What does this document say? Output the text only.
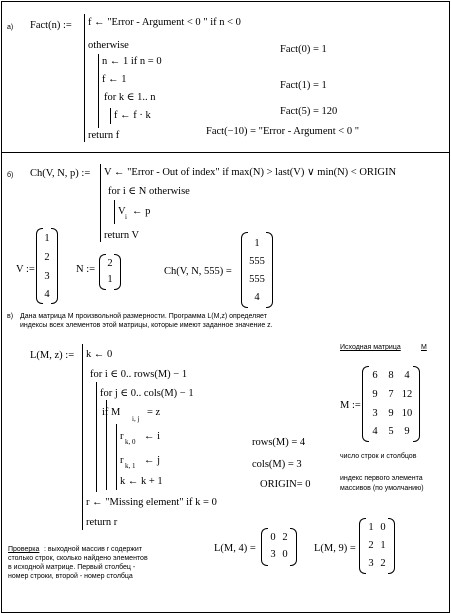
а) Fact(n) := f ← "Error - Argument < 0 " if n < 0
otherwise
n ← 1 if n = 0
f ← 1
for k ∈ 1.. n
f ← f · k
return f
Fact(0) = 1
Fact(1) = 1
Fact(5) = 120
Fact(−10) = "Error - Argument < 0 "
б) Ch(V, N, p) := V ← "Error - Out of index" if max(N) > last(V) ∨ min(N) < ORIGIN
for i ∈ N otherwise
V i ← p
return V
V :=
1
2
3
4
N :=
2
1
Ch(V, N, 555) =
1
555
555
4
в) Дана матрица M произвольной размерности. Программа L(M,z) определяет
индексы всех элементов этой матрицы, которые имеют заданное значение z.
L(M, z) := k ← 0
for i ∈ 0.. rows(M) − 1
for j ∈ 0.. cols(M) − 1
if M
i, j
= z
r k, 0 ← i
r k, 1 ← j
k ← k + 1
r ← "Missing element" if k = 0
return r
Исходная матрица	M
M :=
6	8	4
9	7 12
3	9 10
4	5	9
rows(M) = 4
cols(M) = 3
ORIGIN= 0
число строк и столбцов
индекс первого элемента
массивов (по умолчанию)
Проверка : выходной массив r содержит
столько строк, сколько найдено элементов
в исходной матрице. Первый столбец -
номер строки, второй - номер столбца
L(M, 4) =
0 2
3 0
L(M, 9) =
1 0
2 1
3 2
